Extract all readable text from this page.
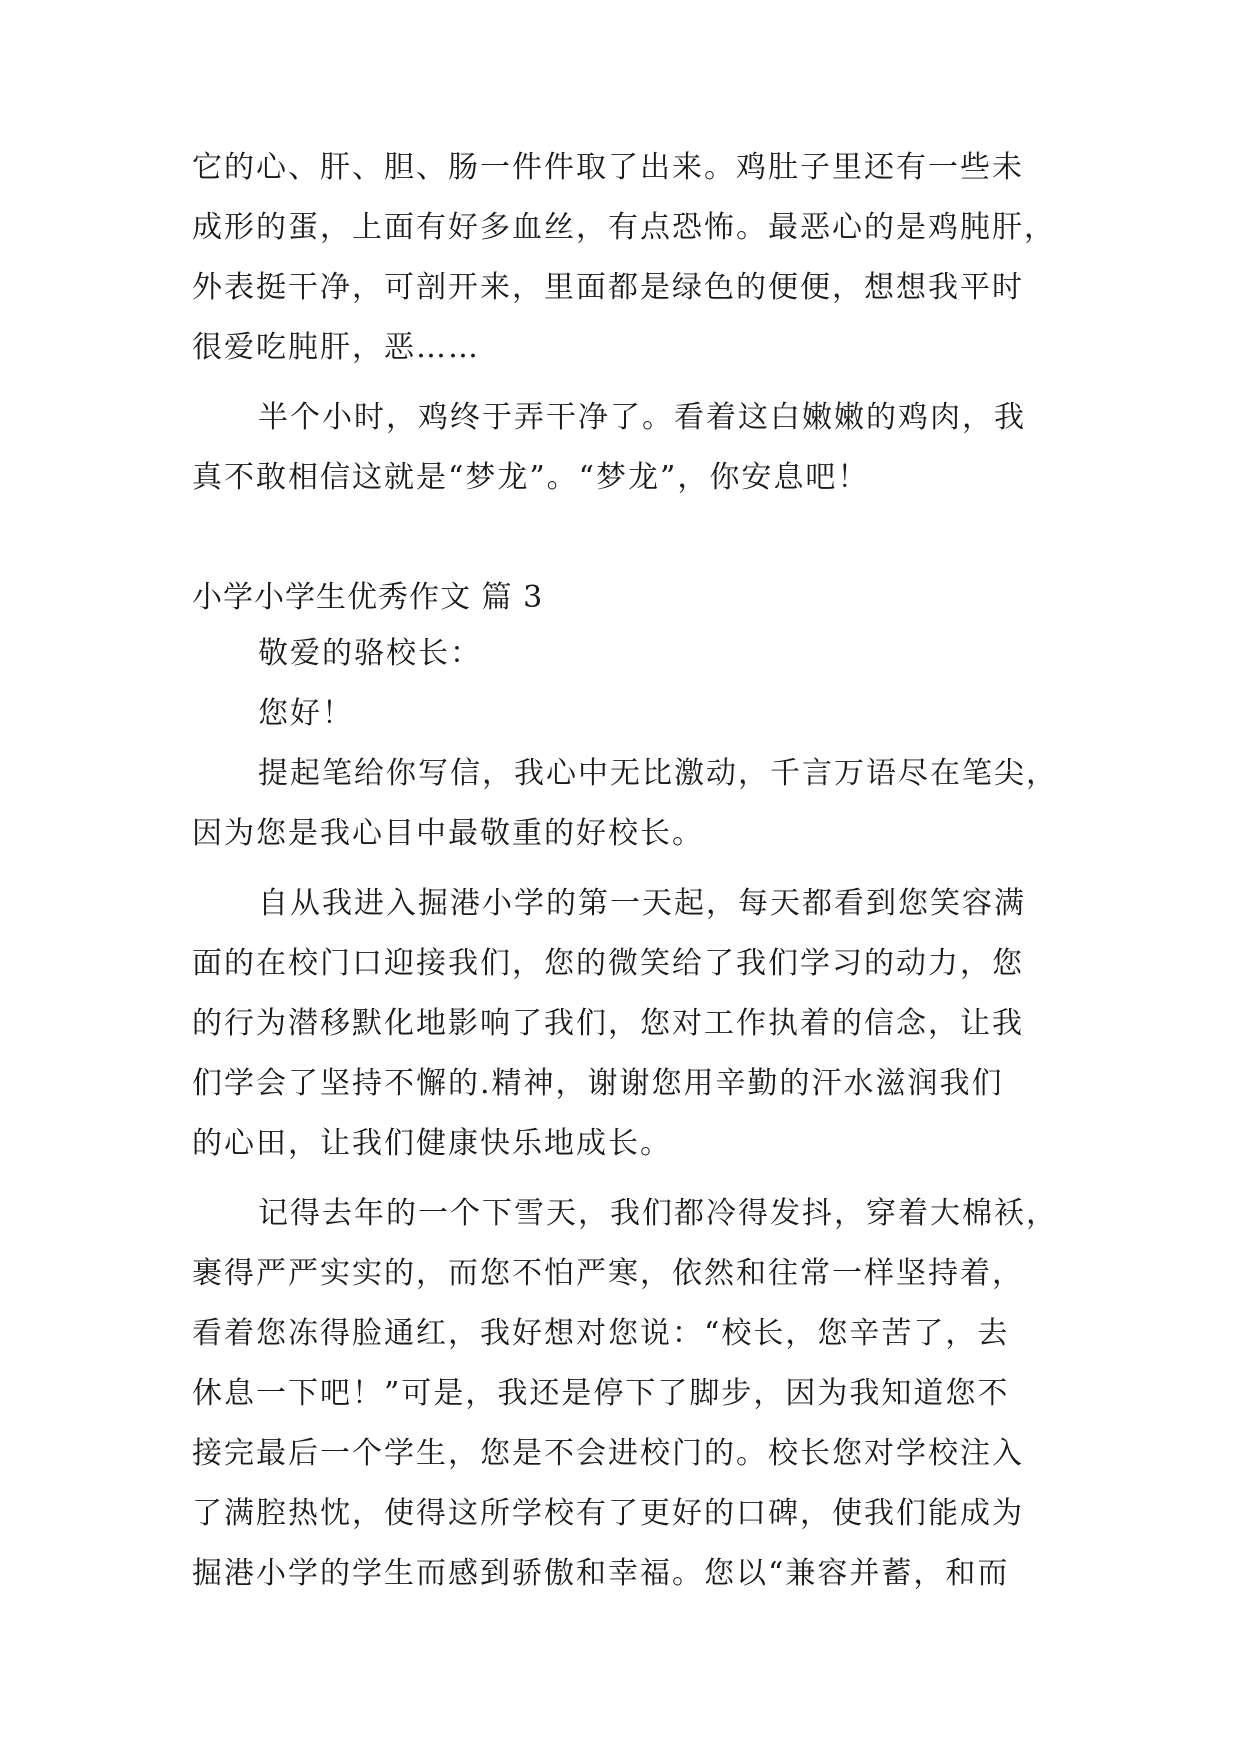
它的心、肝、胆、肠一件件取了出来。鸡肚子里还有一些未

成形的蛋，上面有好多血丝，有点恐怖。最恶心的是鸡肫肝，

外表挺干净，可剖开来，里面都是绿色的便便，想想我平时

很爱吃肫肝，恶……

半个小时，鸡终于弄干净了。看着这白嫩嫩的鸡肉，我

真不敢相信这就是“梦龙”。“梦龙”，你安息吧！

小学小学生优秀作文 篇 3

敬爱的骆校长：

您好！

提起笔给你写信，我心中无比激动，千言万语尽在笔尖，

因为您是我心目中最敬重的好校长。

自从我进入掘港小学的第一天起，每天都看到您笑容满

面的在校门口迎接我们，您的微笑给了我们学习的动力，您

的行为潜移默化地影响了我们，您对工作执着的信念，让我

们学会了坚持不懈的.精神，谢谢您用辛勤的汗水滋润我们

的心田，让我们健康快乐地成长。

记得去年的一个下雪天，我们都冷得发抖，穿着大棉袄，

裹得严严实实的，而您不怕严寒，依然和往常一样坚持着，

看着您冻得脸通红，我好想对您说：“校长，您辛苦了，去

休息一下吧！”可是，我还是停下了脚步，因为我知道您不

接完最后一个学生，您是不会进校门的。校长您对学校注入

了满腔热忱，使得这所学校有了更好的口碑，使我们能成为

掘港小学的学生而感到骄傲和幸福。您以“兼容并蓄，和而
